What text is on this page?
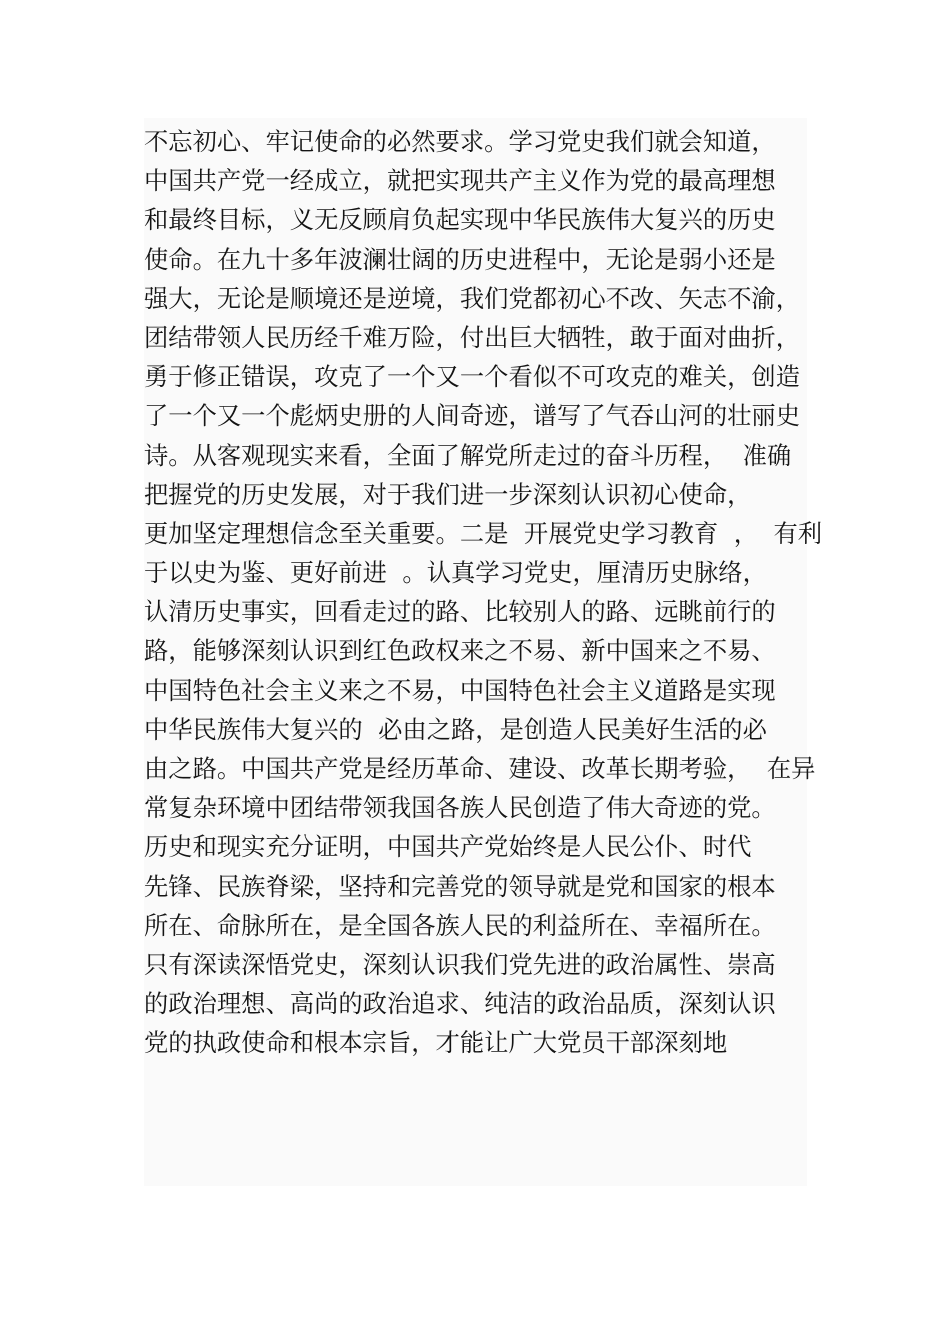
不忘初心、牢记使命的必然要求。学习党史我们就会知道，
中国共产党一经成立，就把实现共产主义作为党的最高理想
和最终目标，义无反顾肩负起实现中华民族伟大复兴的历史
使命。在九十多年波澜壮阔的历史进程中，无论是弱小还是
强大，无论是顺境还是逆境，我们党都初心不改、矢志不渝，
团结带领人民历经千难万险，付出巨大牺牲，敢于面对曲折，
勇于修正错误，攻克了一个又一个看似不可攻克的难关，创造
了一个又一个彪炳史册的人间奇迹，谱写了气吞山河的壮丽史
诗。从客观现实来看，全面了解党所走过的奋斗历程，  准确
把握党的历史发展，对于我们进一步深刻认识初心使命，
更加坚定理想信念至关重要。二是  开展党史学习教育  ，  有利
于以史为鉴、更好前进  。认真学习党史，厘清历史脉络，
认清历史事实，回看走过的路、比较别人的路、远眺前行的
路，能够深刻认识到红色政权来之不易、新中国来之不易、
中国特色社会主义来之不易，中国特色社会主义道路是实现
中华民族伟大复兴的  必由之路，是创造人民美好生活的必
由之路。中国共产党是经历革命、建设、改革长期考验，  在异
常复杂环境中团结带领我国各族人民创造了伟大奇迹的党。
历史和现实充分证明，中国共产党始终是人民公仆、时代
先锋、民族脊梁，坚持和完善党的领导就是党和国家的根本
所在、命脉所在，是全国各族人民的利益所在、幸福所在。
只有深读深悟党史，深刻认识我们党先进的政治属性、崇高
的政治理想、高尚的政治追求、纯洁的政治品质，深刻认识
党的执政使命和根本宗旨，才能让广大党员干部深刻地
